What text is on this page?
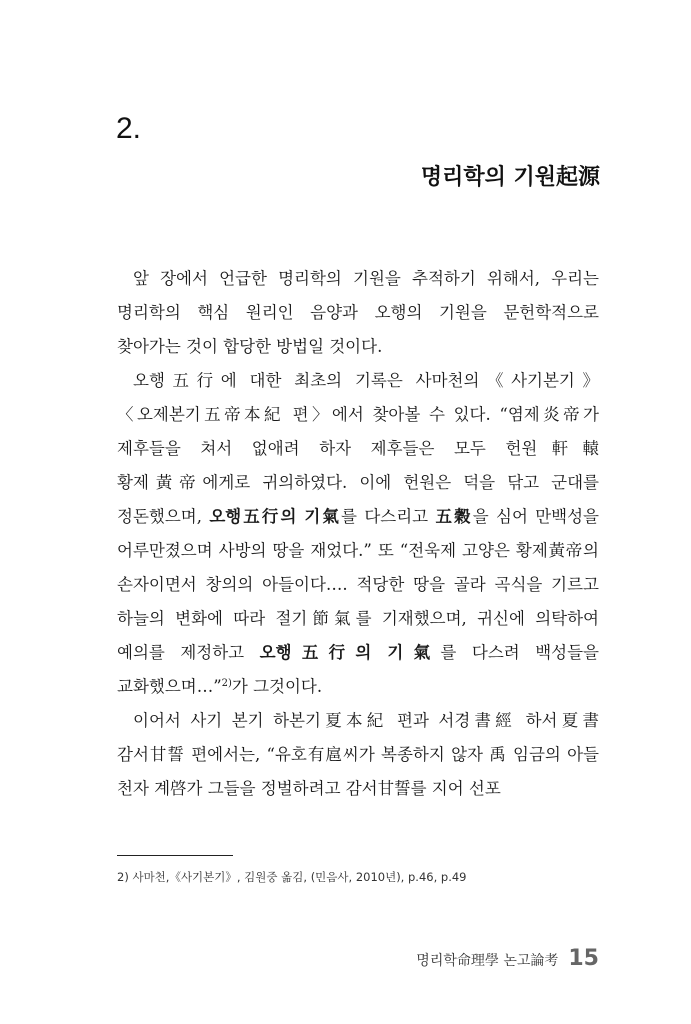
2.
명리학의 기원起源

앞 장에서 언급한 명리학의 기원을 추적하기 위해서, 우리는 명리학의 핵심 원리인 음양과 오행의 기원을 문헌학적으로 찾아가는 것이 합당한 방법일 것이다.

오행五行에 대한 최초의 기록은 사마천의《사기본기》〈오제본기五帝本紀 편〉에서 찾아볼 수 있다. “염제炎帝가 제후들을 쳐서 없애려 하자 제후들은 모두 헌원軒轅 황제黃帝에게로 귀의하였다. 이에 헌원은 덕을 닦고 군대를 정돈했으며, 오행五行의 기氣를 다스리고 五穀을 심어 만백성을 어루만졌으며 사방의 땅을 재었다.” 또 “전욱제 고양은 황제黃帝의 손자이면서 창의의 아들이다…. 적당한 땅을 골라 곡식을 기르고 하늘의 변화에 따라 절기節氣를 기재했으며, 귀신에 의탁하여 예의를 제정하고 오행五行의 기氣를 다스려 백성들을 교화했으며…”$^{2)}$가 그것이다.

이어서 사기 본기 하본기夏本紀 편과 서경書經 하서夏書 감서甘誓 편에서는, “유호有扈씨가 복종하지 않자 禹 임금의 아들 천자 계啓가 그들을 정벌하려고 감서甘誓를 지어 선포

2) 사마천,《사기본기》, 김원중 옮김, (민음사, 2010년), p.46, p.49
명리학命理學 논고論考 15
